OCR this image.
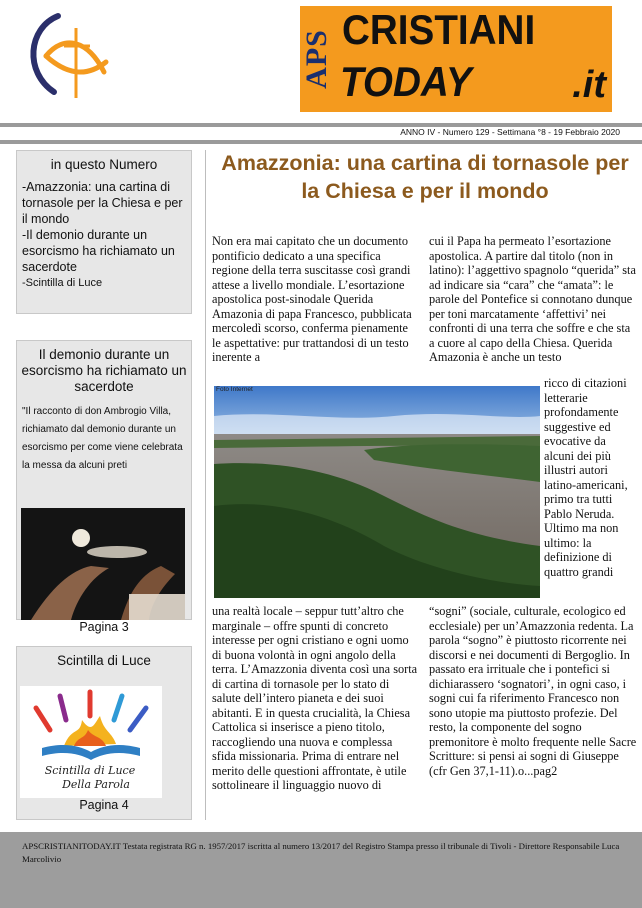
APS CRISTIANI
TODAY	.it
ANNO IV - Numero 129 - Settimana °8 - 19 Febbraio 2020
in questo Numero
-Amazzonia: una cartina di tornasole per la Chiesa e per il mondo
-Il demonio durante un esorcismo ha richiamato un sacerdote
-Scintilla di Luce
Il demonio durante un esorcismo ha richiamato un sacerdote
"Il racconto di don Ambrogio Villa, richiamato dal demonio durante un esorcismo per come viene celebrata la messa da alcuni preti
Pagina 3
Scintilla di Luce
Scintilla di Luce
Della Parola
Pagina 4
Amazzonia: una cartina di tornasole per la Chiesa e per il mondo
Non era mai capitato che un documento pontificio dedicato a una specifica regione della terra suscitasse così grandi attese a livello mondiale. L’esortazione apostolica post-sinodale Querida Amazonia di papa Francesco, pubblicata mercoledì scorso, conferma pienamente le aspettative: pur trattandosi di un testo inerente a
cui il Papa ha permeato l’esortazione apostolica. A partire dal titolo (non in latino): l’aggettivo spagnolo “querida” sta ad indicare sia “cara” che “amata”: le parole del Pontefice si connotano dunque per toni marcatamente ‘affettivi’ nei confronti di una terra che soffre e che sta a cuore al capo della Chiesa. Querida Amazonia è anche un testo
ricco di citazioni letterarie profondamente suggestive ed evocative da alcuni dei più illustri autori latino-americani, primo tra tutti Pablo Neruda. Ultimo ma non ultimo: la definizione di quattro grandi
Foto Internet
una realtà locale – seppur tutt’altro che marginale – offre spunti di concreto interesse per ogni cristiano e ogni uomo di buona volontà in ogni angolo della terra. L’Amazzonia diventa così una sorta di cartina di tornasole per lo stato di salute dell’intero pianeta e dei suoi abitanti. E in questa crucialità, la Chiesa Cattolica si inserisce a pieno titolo, raccogliendo una nuova e complessa sfida missionaria. Prima di entrare nel merito delle questioni affrontate, è utile sottolineare il linguaggio nuovo di
“sogni” (sociale, culturale, ecologico ed ecclesiale) per un’Amazzonia redenta. La parola “sogno” è piuttosto ricorrente nei discorsi e nei documenti di Bergoglio. In passato era irrituale che i pontefici si dichiarassero ‘sognatori’, in ogni caso, i sogni cui fa riferimento Francesco non sono utopie ma piuttosto profezie. Del resto, la componente del sogno premonitore è molto frequente nelle Sacre Scritture: si pensi ai sogni di Giuseppe (cfr Gen 37,1-11).o...pag2
APSCRISTIANITODAY.IT Testata registrata RG n. 1957/2017 iscritta al numero 13/2017 del Registro Stampa presso il tribunale di Tivoli - Direttore Responsabile Luca Marcolivio
